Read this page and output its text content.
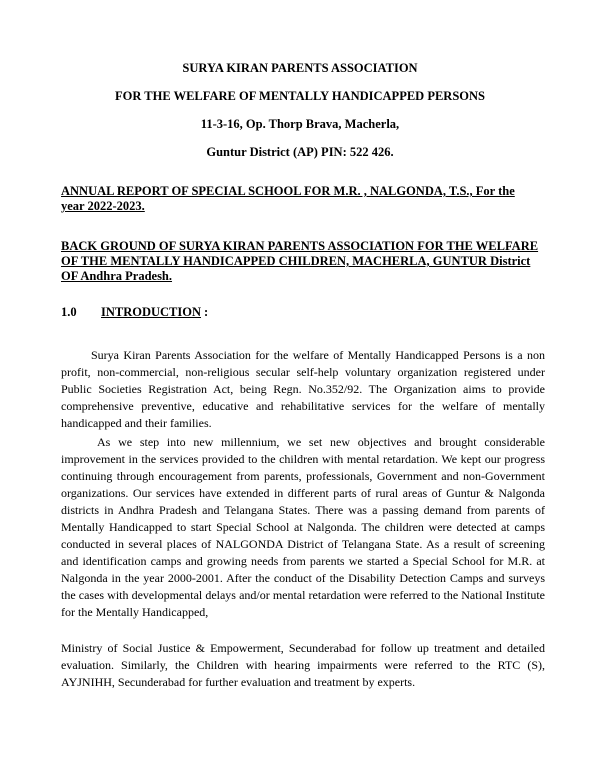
SURYA KIRAN PARENTS ASSOCIATION
FOR THE WELFARE OF MENTALLY HANDICAPPED PERSONS
11-3-16, Op. Thorp Brava, Macherla,
Guntur District (AP) PIN: 522 426.
ANNUAL REPORT OF SPECIAL SCHOOL FOR M.R. , NALGONDA, T.S., For the year 2022-2023.
BACK GROUND OF SURYA KIRAN PARENTS ASSOCIATION FOR THE WELFARE OF THE MENTALLY HANDICAPPED CHILDREN, MACHERLA, GUNTUR District OF Andhra Pradesh.
1.0 INTRODUCTION :

Surya Kiran Parents Association for the welfare of Mentally Handicapped Persons is a non profit, non-commercial, non-religious secular self-help voluntary organization registered under Public Societies Registration Act, being Regn. No.352/92. The Organization aims to provide comprehensive preventive, educative and rehabilitative services for the welfare of mentally handicapped and their families.

As we step into new millennium, we set new objectives and brought considerable improvement in the services provided to the children with mental retardation. We kept our progress continuing through encouragement from parents, professionals, Government and non-Government organizations. Our services have extended in different parts of rural areas of Guntur & Nalgonda districts in Andhra Pradesh and Telangana States. There was a passing demand from parents of Mentally Handicapped to start Special School at Nalgonda. The children were detected at camps conducted in several places of NALGONDA District of Telangana State. As a result of screening and identification camps and growing needs from parents we started a Special School for M.R. at Nalgonda in the year 2000-2001. After the conduct of the Disability Detection Camps and surveys the cases with developmental delays and/or mental retardation were referred to the National Institute for the Mentally Handicapped,

Ministry of Social Justice & Empowerment, Secunderabad for follow up treatment and detailed evaluation. Similarly, the Children with hearing impairments were referred to the RTC (S), AYJNIHH, Secunderabad for further evaluation and treatment by experts.
